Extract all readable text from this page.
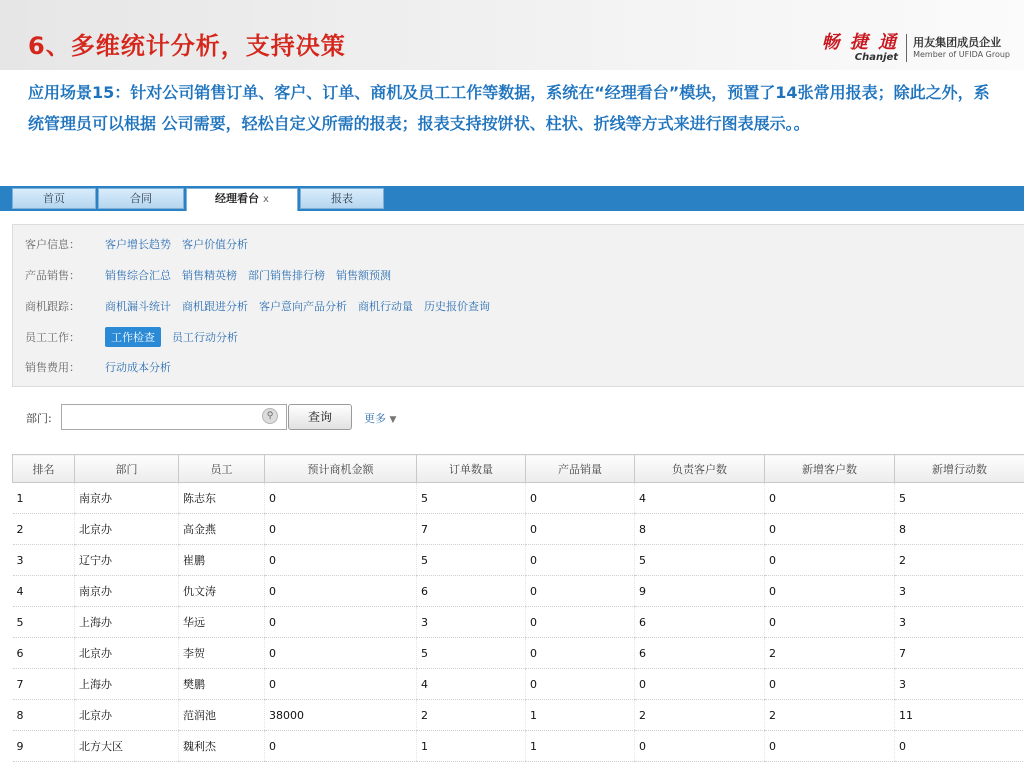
6、多维统计分析，支持决策	畅 捷 通
Chanjet
用友集团成员企业
Member of UFIDA Group
应用场景15：针对公司销售订单、客户、订单、商机及员工工作等数据，系统在“经理看台”模块，预置了14张常用报表；除此之外，系统管理员可以根据 公司需要，轻松自定义所需的报表；报表支持按饼状、柱状、折线等方式来进行图表展示。。
首页	合同	经理看台 x	报表
客户信息：	客户增长趋势 客户价值分析
产品销售：	销售综合汇总 销售精英榜 部门销售排行榜 销售额预测
商机跟踪：	商机漏斗统计 商机跟进分析 客户意向产品分析 商机行动量 历史报价查询
员工工作：	工作检查	员工行动分析
销售费用：	行动成本分析
部门:	⚲	查询	更多 ▼
排名	部门	员工	预计商机金额	订单数量	产品销量	负责客户数	新增客户数	新增行动数
1	南京办	陈志东	0	5	0	4	0	5
2	北京办	高金燕	0	7	0	8	0	8
3	辽宁办	崔鹏	0	5	0	5	0	2
4	南京办	仇文涛	0	6	0	9	0	3
5	上海办	华远	0	3	0	6	0	3
6	北京办	李贺	0	5	0	6	2	7
7	上海办	樊鹏	0	4	0	0	0	3
8	北京办	范润池	38000	2	1	2	2	11
9	北方大区	魏利杰	0	1	1	0	0	0
